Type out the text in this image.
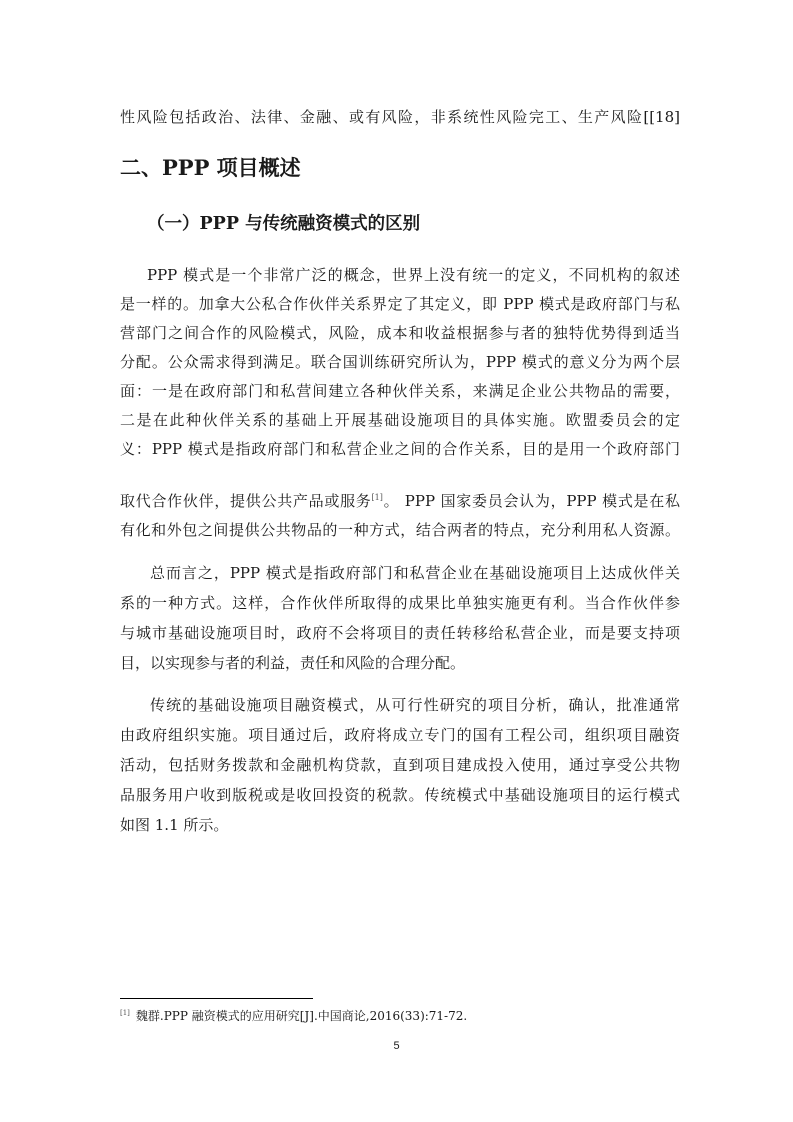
性风险包括政治、法律、金融、或有风险，非系统性风险完工、生产风险[[18]
二、PPP 项目概述
（一）PPP 与传统融资模式的区别
PPP 模式是一个非常广泛的概念，世界上没有统一的定义，不同机构的叙述
是一样的。加拿大公私合作伙伴关系界定了其定义，即 PPP 模式是政府部门与私
营部门之间合作的风险模式，风险，成本和收益根据参与者的独特优势得到适当
分配。公众需求得到满足。联合国训练研究所认为，PPP 模式的意义分为两个层
面：一是在政府部门和私营间建立各种伙伴关系，来满足企业公共物品的需要，
二是在此种伙伴关系的基础上开展基础设施项目的具体实施。欧盟委员会的定
义：PPP 模式是指政府部门和私营企业之间的合作关系，目的是用一个政府部门
取代合作伙伴，提供公共产品或服务[1]。 PPP 国家委员会认为，PPP 模式是在私
有化和外包之间提供公共物品的一种方式，结合两者的特点，充分利用私人资源。
总而言之，PPP 模式是指政府部门和私营企业在基础设施项目上达成伙伴关
系的一种方式。这样，合作伙伴所取得的成果比单独实施更有利。当合作伙伴参
与城市基础设施项目时，政府不会将项目的责任转移给私营企业，而是要支持项
目，以实现参与者的利益，责任和风险的合理分配。
传统的基础设施项目融资模式，从可行性研究的项目分析，确认，批准通常
由政府组织实施。项目通过后，政府将成立专门的国有工程公司，组织项目融资
活动，包括财务拨款和金融机构贷款，直到项目建成投入使用，通过享受公共物
品服务用户收到版税或是收回投资的税款。传统模式中基础设施项目的运行模式
如图 1.1 所示。
[1] 魏群.PPP 融资模式的应用研究[J].中国商论,2016(33):71-72.
5
